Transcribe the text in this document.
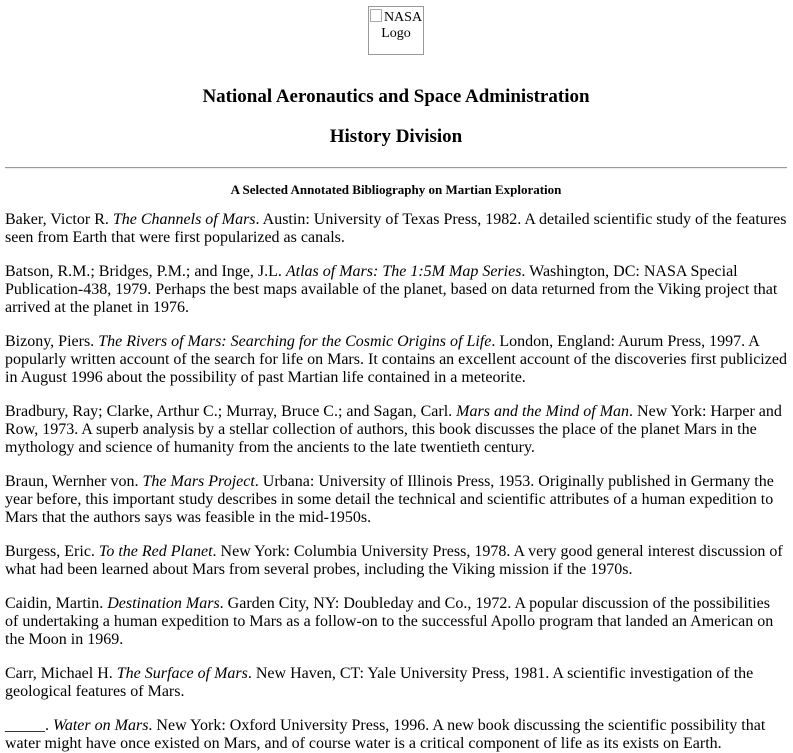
NASA Logo
National Aeronautics and Space Administration
History Division
A Selected Annotated Bibliography on Martian Exploration

Baker, Victor R. The Channels of Mars. Austin: University of Texas Press, 1982. A detailed scientific study of the features seen from Earth that were first popularized as canals.

Batson, R.M.; Bridges, P.M.; and Inge, J.L. Atlas of Mars: The 1:5M Map Series. Washington, DC: NASA Special Publication-438, 1979. Perhaps the best maps available of the planet, based on data returned from the Viking project that arrived at the planet in 1976.

Bizony, Piers. The Rivers of Mars: Searching for the Cosmic Origins of Life. London, England: Aurum Press, 1997. A popularly written account of the search for life on Mars. It contains an excellent account of the discoveries first publicized in August 1996 about the possibility of past Martian life contained in a meteorite.

Bradbury, Ray; Clarke, Arthur C.; Murray, Bruce C.; and Sagan, Carl. Mars and the Mind of Man. New York: Harper and Row, 1973. A superb analysis by a stellar collection of authors, this book discusses the place of the planet Mars in the mythology and science of humanity from the ancients to the late twentieth century.

Braun, Wernher von. The Mars Project. Urbana: University of Illinois Press, 1953. Originally published in Germany the year before, this important study describes in some detail the technical and scientific attributes of a human expedition to Mars that the authors says was feasible in the mid-1950s.

Burgess, Eric. To the Red Planet. New York: Columbia University Press, 1978. A very good general interest discussion of what had been learned about Mars from several probes, including the Viking mission if the 1970s.

Caidin, Martin. Destination Mars. Garden City, NY: Doubleday and Co., 1972. A popular discussion of the possibilities of undertaking a human expedition to Mars as a follow-on to the successful Apollo program that landed an American on the Moon in 1969.

Carr, Michael H. The Surface of Mars. New Haven, CT: Yale University Press, 1981. A scientific investigation of the geological features of Mars.

_____. Water on Mars. New York: Oxford University Press, 1996. A new book discussing the scientific possibility that water might have once existed on Mars, and of course water is a critical component of life as its exists on Earth.
